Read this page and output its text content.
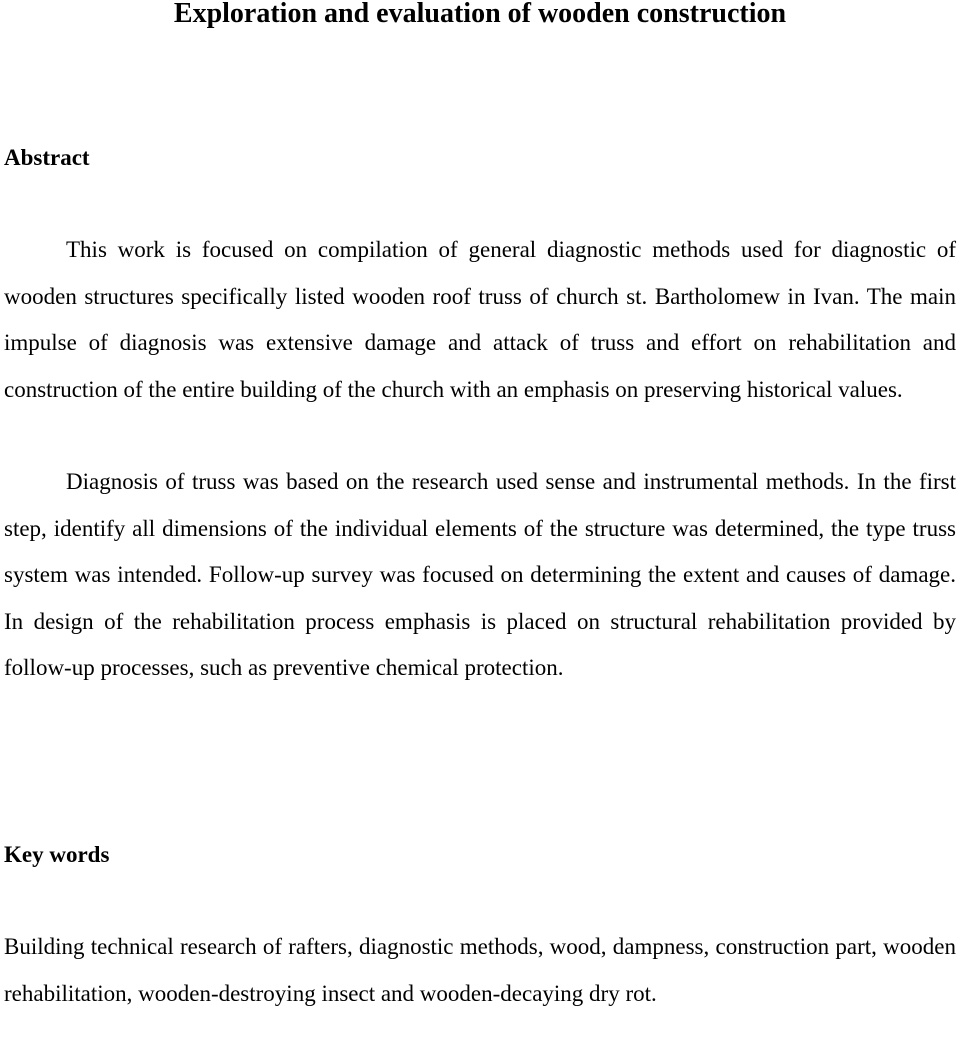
Exploration and evaluation of wooden construction
Abstract

This work is focused on compilation of general diagnostic methods used for diagnostic of wooden structures specifically listed wooden roof truss of church st. Bartholomew in Ivan. The main impulse of diagnosis was extensive damage and attack of truss and effort on rehabilitation and construction of the entire building of the church with an emphasis on preserving historical values.

Diagnosis of truss was based on the research used sense and instrumental methods. In the first step, identify all dimensions of the individual elements of the structure was determined, the type truss system was intended. Follow-up survey was focused on determining the extent and causes of damage. In design of the rehabilitation process emphasis is placed on structural rehabilitation provided by follow-up processes, such as preventive chemical protection.

Key words

Building technical research of rafters, diagnostic methods, wood, dampness, construction part, wooden rehabilitation, wooden-destroying insect and wooden-decaying dry rot.
